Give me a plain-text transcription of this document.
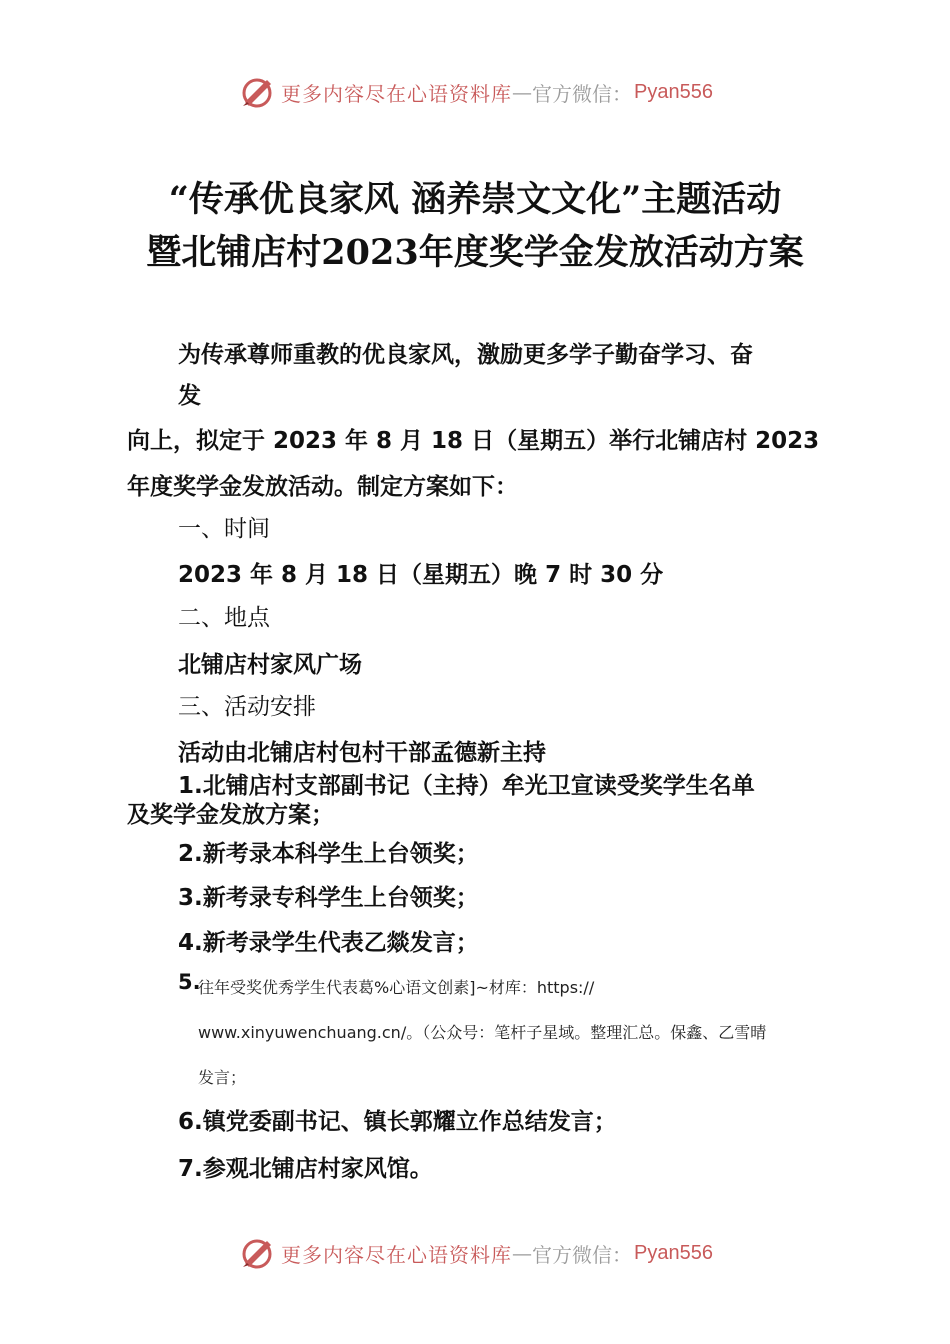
更多内容尽在心语资料库 — 官方微信： Pyan556
“传承优良家风 涵养崇文文化”主题活动
暨北铺店村2023年度奖学金发放活动方案
为传承尊师重教的优良家风，激励更多学子勤奋学习、奋
发
向上，拟定于 2023 年 8 月 18 日（星期五）举行北铺店村 2023
年度奖学金发放活动。制定方案如下：
一、时间
2023 年 8 月 18 日（星期五）晚 7 时 30 分
二、地点
北铺店村家风广场
三、活动安排
活动由北铺店村包村干部孟德新主持
1.北铺店村支部副书记（主持）牟光卫宣读受奖学生名单
及奖学金发放方案；
2.新考录本科学生上台领奖；
3.新考录专科学生上台领奖；
4.新考录学生代表乙燚发言；
5.
往年受奖优秀学生代表葛%心语文创素]~材库：https://
www.xinyuwenchuang.cn/。（公众号：笔杆子星域。整理汇总。保鑫、乙雪晴
发言；
6.镇党委副书记、镇长郭耀立作总结发言；
7.参观北铺店村家风馆。
更多内容尽在心语资料库 — 官方微信： Pyan556
